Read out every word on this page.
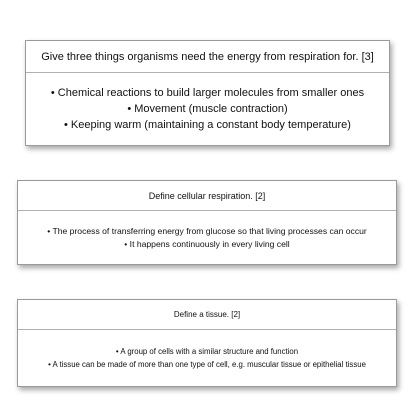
Give three things organisms need the energy from respiration for. [3]
• Chemical reactions to build larger molecules from smaller ones
• Movement (muscle contraction)
• Keeping warm (maintaining a constant body temperature)
Define cellular respiration. [2]
• The process of transferring energy from glucose so that living processes can occur
• It happens continuously in every living cell
Define a tissue. [2]
• A group of cells with a similar structure and function
• A tissue can be made of more than one type of cell, e.g. muscular tissue or epithelial tissue
